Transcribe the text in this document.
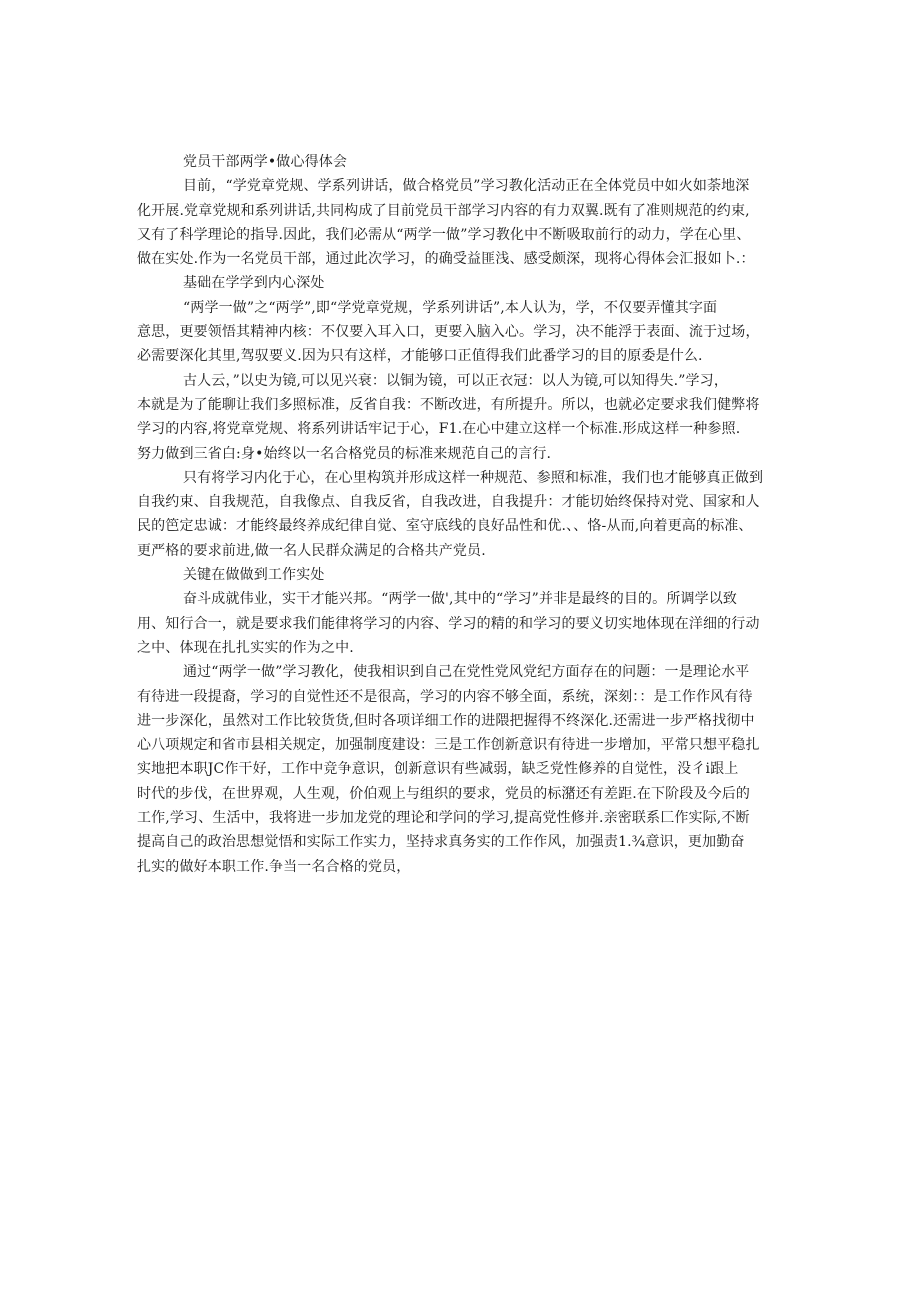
党员干部两学•做心得体会
目前，“学党章党规、学系列讲话，做合格党员”学习教化活动正在全体党员中如火如荼地深
化开展.党章党规和系列讲话,共同构成了目前党员干部学习内容的有力双翼.既有了准则规范的约束,
又有了科学理论的指导.因此，我们必需从“两学一做”学习教化中不断吸取前行的动力，学在心里、
做在实处.作为一名党员干部，通过此次学习，的确受益匪浅、感受颇深，现将心得体会汇报如卜.：
基础在学学到内心深处
“两学一做”之“两学”,即“学党章党规，学系列讲话”,本人认为，学，不仅要弄懂其字面
意思，更要领悟其精神内核：不仅要入耳入口，更要入脑入心。学习，决不能浮于表面、流于过场，
必需要深化其里,驾驭要义.因为只有这样，才能够口正值得我们此番学习的目的原委是什么.
古人云，”以史为镜,可以见兴衰：以铜为镜，可以正衣冠：以人为镜,可以知得失.”学习，
本就是为了能聊让我们多照标准，反省自我：不断改进，有所提升。所以，也就必定要求我们健弊将
学习的内容,将党章党规、将系列讲话牢记于心，F1.在心中建立这样一个标准.形成这样一种参照.
努力做到三省白:身•始终以一名合格党员的标准来规范自己的言行.
只有将学习内化于心，在心里构筑并形成这样一种规范、参照和标准，我们也才能够真正做到
自我约束、自我规范，自我像点、自我反省，自我改进，自我提升：才能切始终保持对党、国家和人
民的笆定忠诚：才能终最终养成纪律自觉、室守底线的良好品性和优.、、恪-从而,向着更高的标准、
更严格的要求前进,做一名人民群众满足的合格共产党员.
关键在做做到工作实处
奋斗成就伟业，实干才能兴邦。“两学一做',其中的“学习”并非是最终的目的。所调学以致
用、知行合一，就是要求我们能律将学习的内容、学习的精的和学习的要义切实地体现在洋细的行动
之中、体现在扎扎实实的作为之中.
通过“两学一做”学习教化，使我相识到自己在党性党风党纪方面存在的问题：一是理论水平
有待进一段提裔，学习的自觉性还不是很高，学习的内容不够全面，系统，深刻：：是工作作风有待
进一步深化，虽然对工作比较货货,但时各项详细工作的进隈把握得不终深化.还需进一步严格找彻中
心八项规定和省市县相关规定，加强制度建设：三是工作创新意识有待进一步增加，平常只想平稳扎
实地把本职JC作干好，工作中竞争意识，创新意识有些减弱，缺乏党性修养的自觉性，没彳i跟上
时代的步伐，在世界观，人生观，价伯观上与组织的要求，党员的标潴还有差距.在下阶段及今后的
工作,学习、生活中，我将进一步加龙党的理论和学问的学习,提高党性修并.亲密联系匚作实际,不断
提高自己的政治思想觉悟和实际工作实力，坚持求真务实的工作作风，加强责1.¾意识，更加勤奋
扎实的做好本职工作.争当一名合格的党员，
